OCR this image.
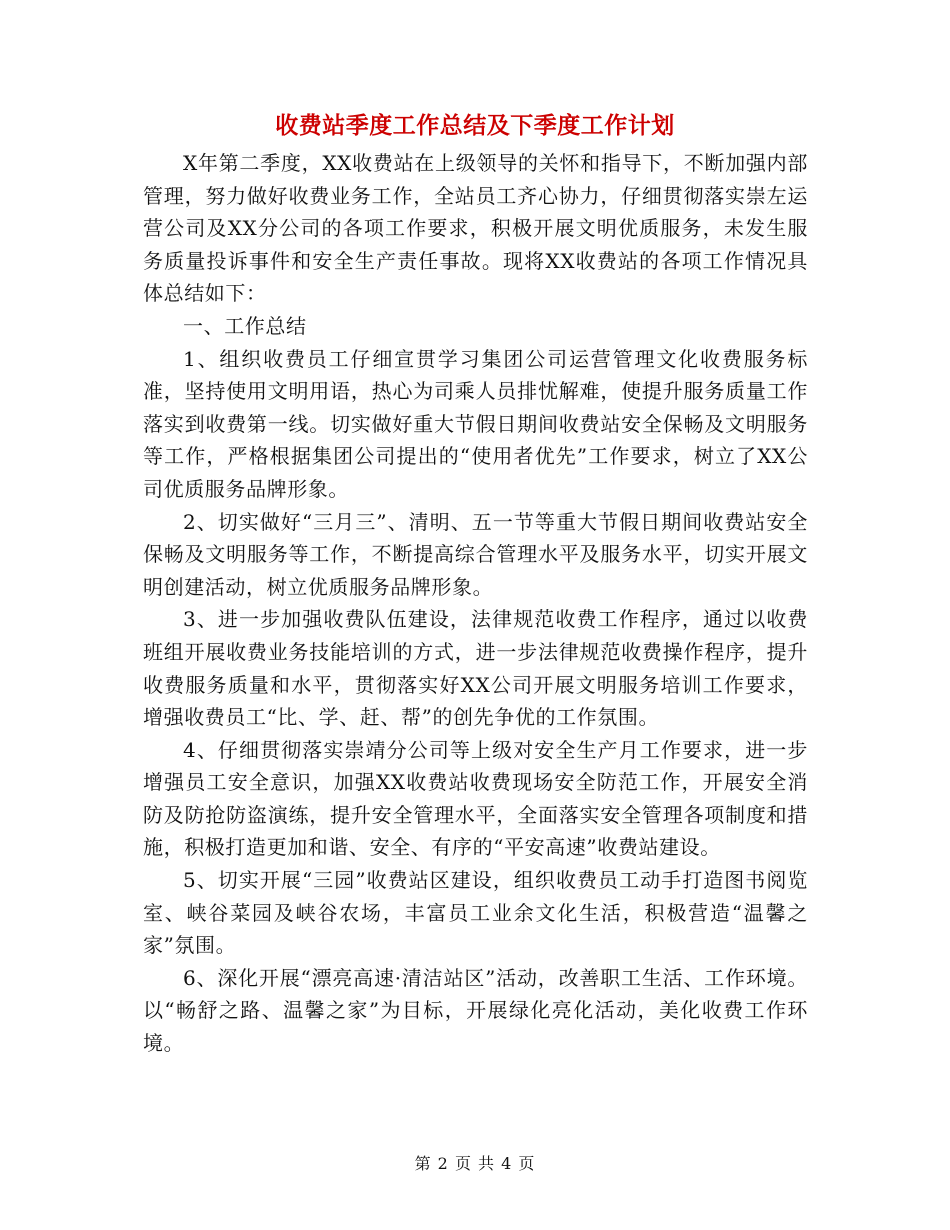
收费站季度工作总结及下季度工作计划

X年第二季度，XX收费站在上级领导的关怀和指导下，不断加强内部管理，努力做好收费业务工作，全站员工齐心协力，仔细贯彻落实崇左运营公司及XX分公司的各项工作要求，积极开展文明优质服务，未发生服务质量投诉事件和安全生产责任事故。现将XX收费站的各项工作情况具体总结如下：

一、工作总结

1、组织收费员工仔细宣贯学习集团公司运营管理文化收费服务标准，坚持使用文明用语，热心为司乘人员排忧解难，使提升服务质量工作落实到收费第一线。切实做好重大节假日期间收费站安全保畅及文明服务等工作，严格根据集团公司提出的“使用者优先”工作要求，树立了XX公司优质服务品牌形象。

2、切实做好“三月三”、清明、五一节等重大节假日期间收费站安全保畅及文明服务等工作，不断提高综合管理水平及服务水平，切实开展文明创建活动，树立优质服务品牌形象。

3、进一步加强收费队伍建设，法律规范收费工作程序，通过以收费班组开展收费业务技能培训的方式，进一步法律规范收费操作程序，提升收费服务质量和水平，贯彻落实好XX公司开展文明服务培训工作要求，增强收费员工“比、学、赶、帮”的创先争优的工作氛围。

4、仔细贯彻落实崇靖分公司等上级对安全生产月工作要求，进一步增强员工安全意识，加强XX收费站收费现场安全防范工作，开展安全消防及防抢防盗演练，提升安全管理水平，全面落实安全管理各项制度和措施，积极打造更加和谐、安全、有序的“平安高速”收费站建设。

5、切实开展“三园”收费站区建设，组织收费员工动手打造图书阅览室、峡谷菜园及峡谷农场，丰富员工业余文化生活，积极营造“温馨之家”氛围。

6、深化开展“漂亮高速·清洁站区”活动，改善职工生活、工作环境。以“畅舒之路、温馨之家”为目标，开展绿化亮化活动，美化收费工作环境。

第 2 页 共 4 页
